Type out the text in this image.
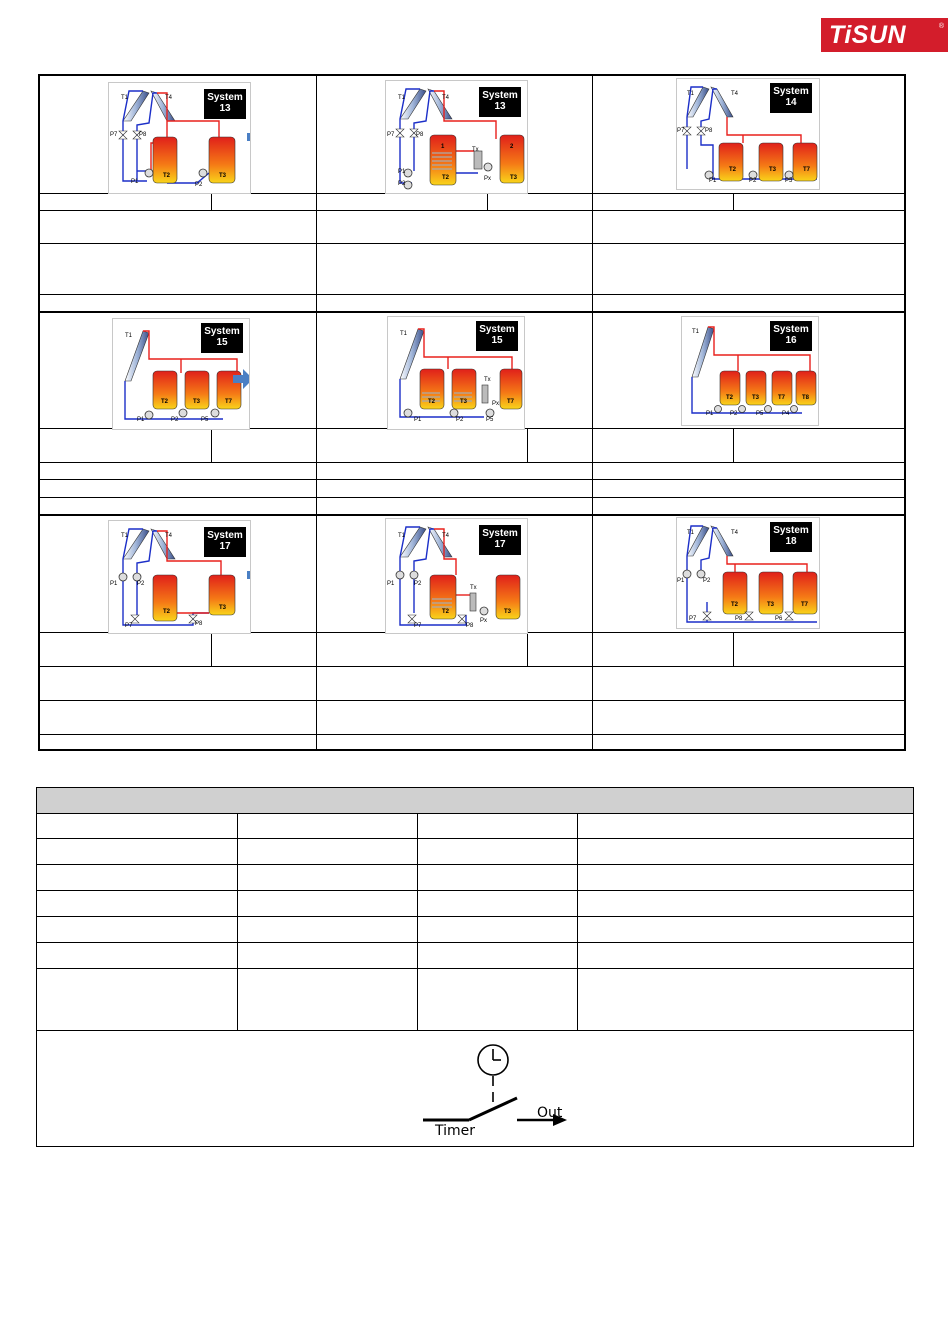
TiSUN	®
System
13
T1	T4
P7	P8
P1	P2
T2	T3
System
13
T1	T4
P7	P8
P1
P2
Tx
Px
1	2
T2	T3
System
14
T1	T4
P7	P8
P1	P2	P5
T2	T3	T7
System
15
T1
P1	P2	P5
T2	T3	T7
System
15
T1
P1	P2	P5
Tx
Px
T2	T3	T7
System
16
T1
P1	P2	P5	P4
T2	T3	T7	T8
System
17
T1	T4
P1	P2
P7	P8
T2
T3
System
17
T1	T4
P1	P2
P7	P8
Tx
Px
T2	T3
System
18
T1	T4
P1	P2
P7	P8	P6
T2	T3	T7
Timer
Out
